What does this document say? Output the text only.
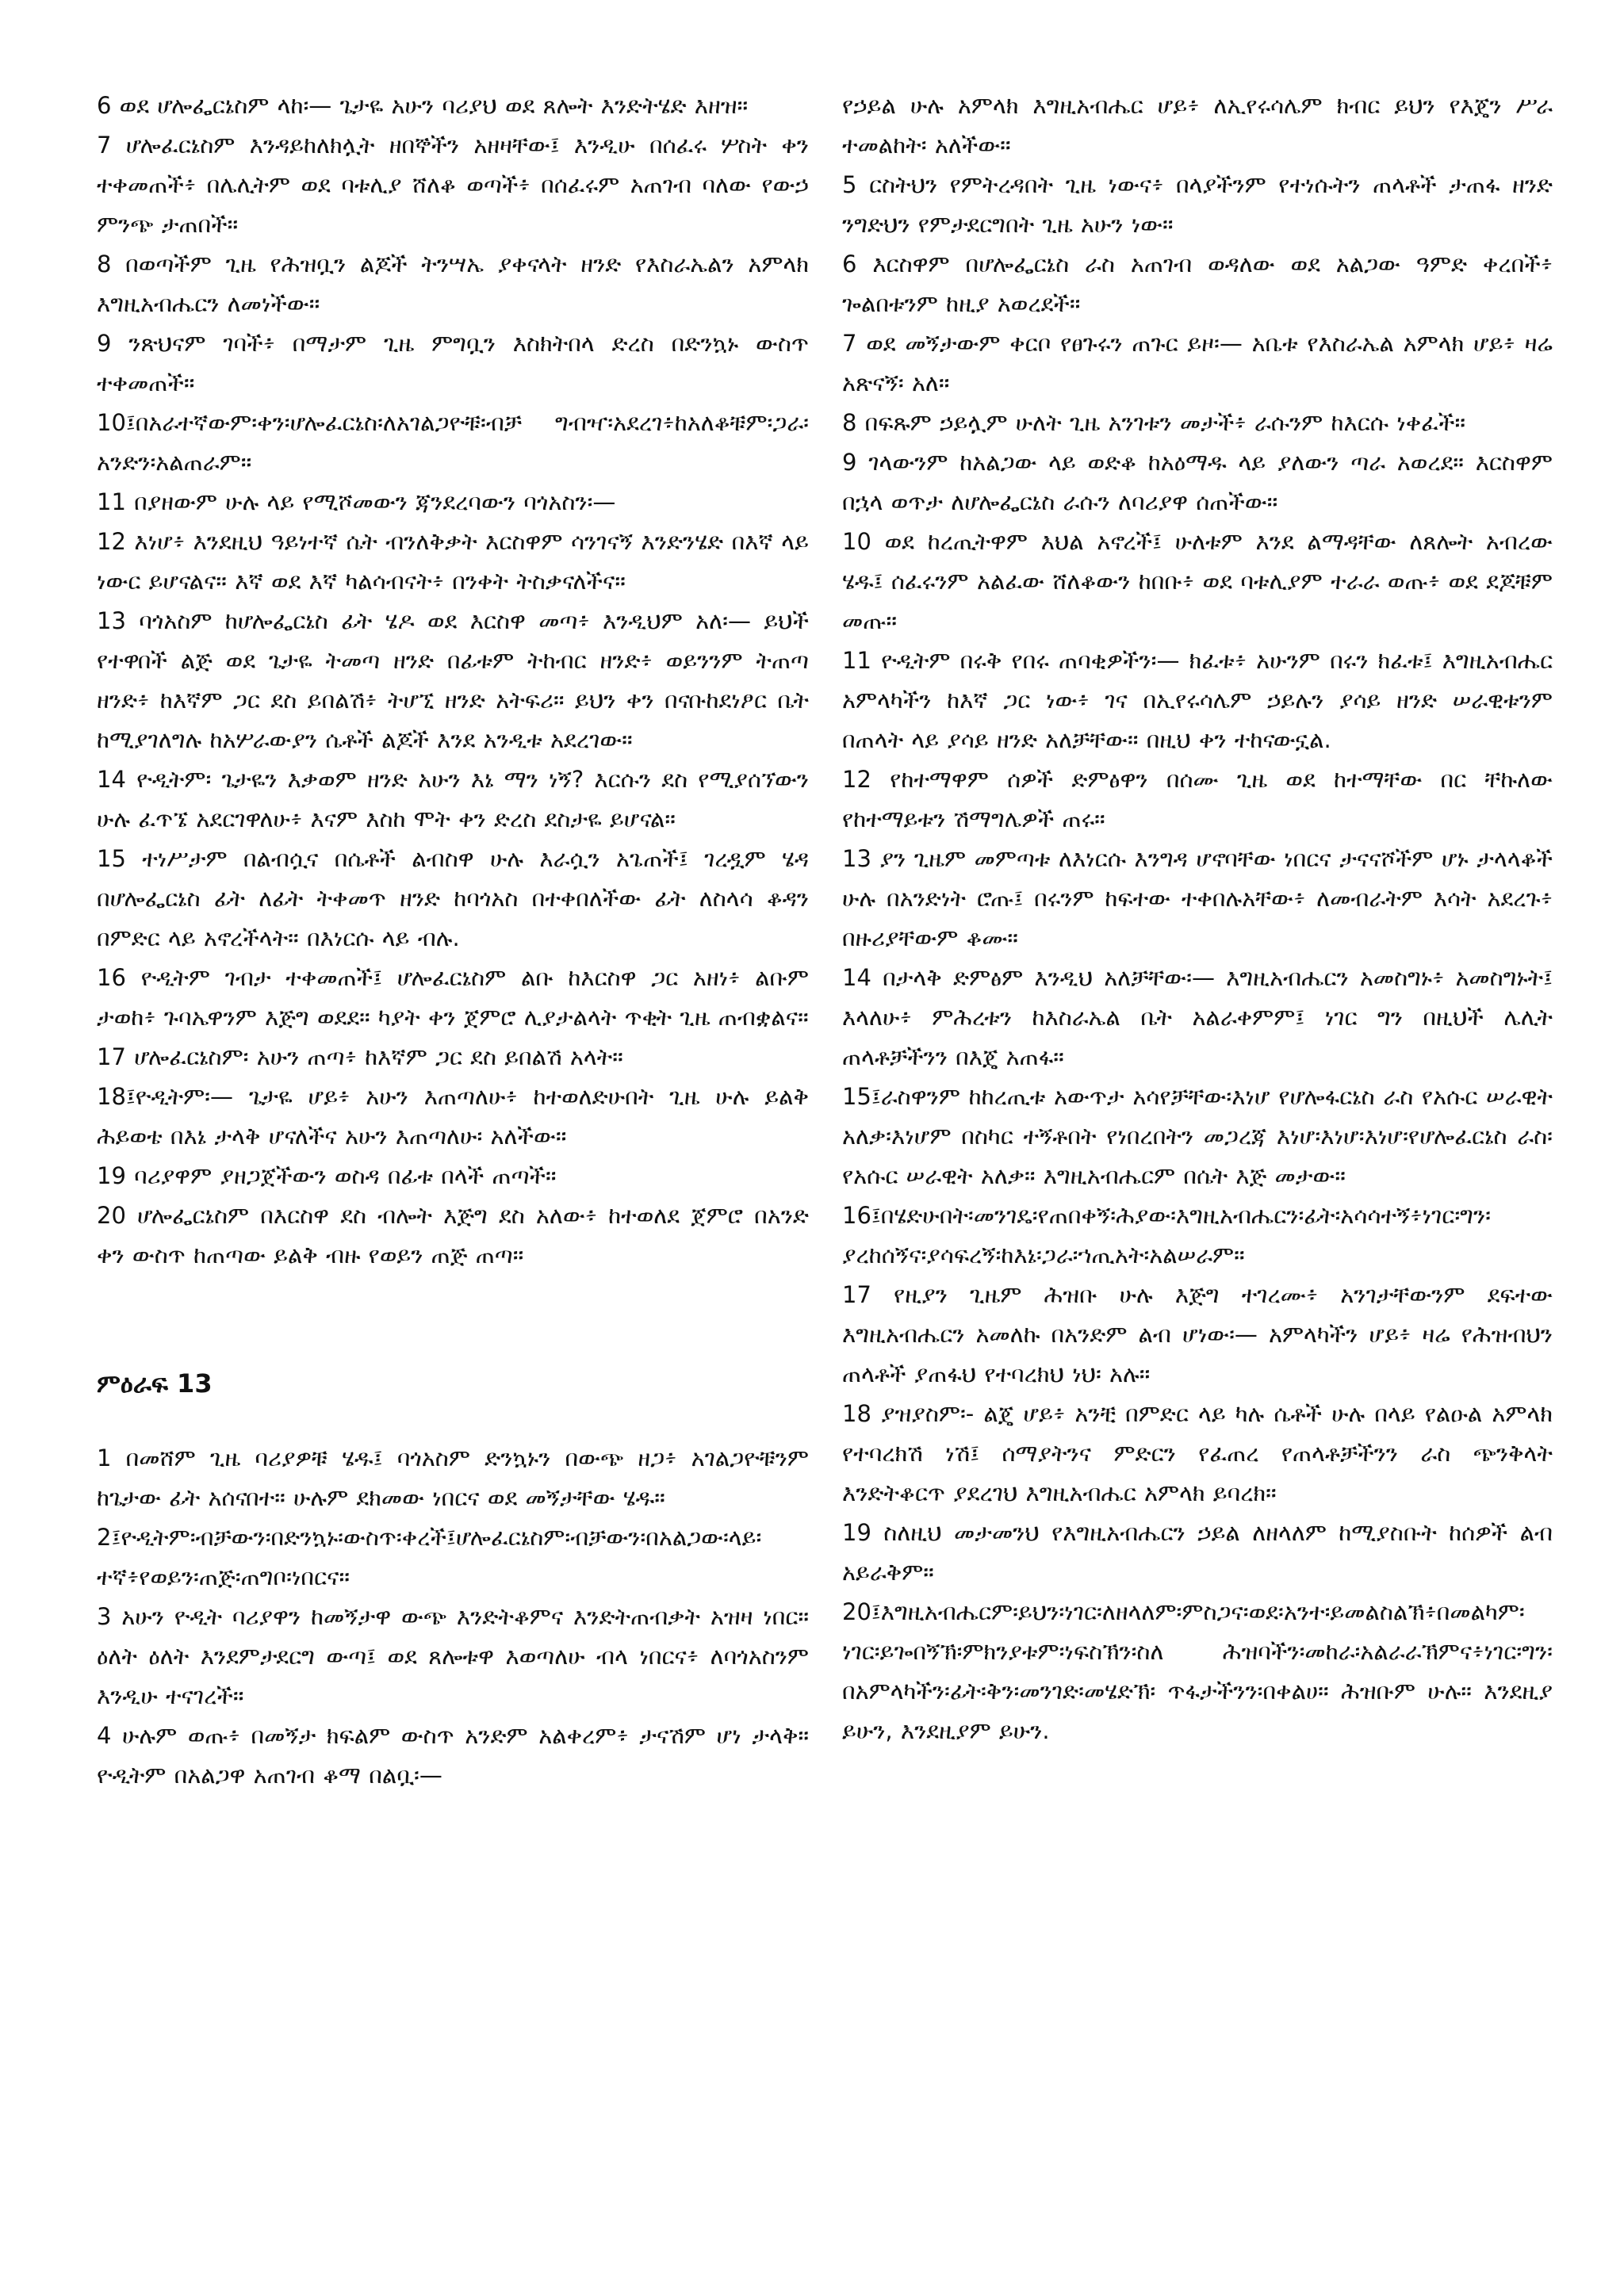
6 ወደ ሆሎፌርኔስም ላከ፡— ጌታዬ አሁን ባሪያህ ወደ ጸሎት እንድትሄድ እዘዝ።

7 ሆሎፈርኔስም እንዳይከለክሏት ዘበኞችን አዘዛቸው፤ እንዲሁ በሰፈሩ ሦስት ቀን ተቀመጠች፥ በሌሊትም ወደ ባቱሊያ ሸለቆ ወጣች፥ በሰፈሩም አጠገብ ባለው የውኃ ምንጭ ታጠበች።

8 በወጣችም ጊዜ የሕዝቧን ልጆች ትንሣኤ ያቀናላት ዘንድ የእስራኤልን አምላክ እግዚአብሔርን ለመነችው።

9 ንጽህናም ገባች፥ በማታም ጊዜ ምግቧን እስክትበላ ድረስ በድንኳኑ ውስጥ ተቀመጠች።

10፤በአራተኛውም፡ቀን፡ሆሎፈርኔስ፡ለአገልጋዮቹ፡ብቻ ግብዣ፡አደረገ፥ከአለቆቹም፡ጋራ፡አንድን፡አልጠራም።

11 በያዘውም ሁሉ ላይ የሚሾመውን ጃንደረባውን ባጎአስን፡—

12 እነሆ፥ እንደዚህ ዓይነተኛ ሴት ብንለቅቃት እርስዋም ሳንገናኝ እንድንሄድ በእኛ ላይ ነውር ይሆናልና። እኛ ወደ እኛ ካልሳብናት፥ በንቀት ትስቃናለችና።

13 ባጎአስም ከሆሎፌርኔስ ፊት ሄዶ ወደ እርስዋ መጣ፥ እንዲህም አለ፡— ይህች የተዋበች ልጅ ወደ ጌታዬ ትመጣ ዘንድ በፊቱም ትከብር ዘንድ፥ ወይንንም ትጠጣ ዘንድ፥ ከእኛም ጋር ደስ ይበልሽ፥ ትሆኚ ዘንድ አትፍሪ። ይህን ቀን በናቡከደነፆር ቤት ከሚያገለግሉ ከአሦራውያን ሴቶች ልጆች እንደ አንዲቱ አደረገው።

14 ዮዲትም፡ ጌታዬን እቃወም ዘንድ አሁን እኔ ማን ነኝ? እርሱን ደስ የሚያሰኘውን ሁሉ ፈጥኜ አደርገዋለሁ፥ እናም እስከ ሞት ቀን ድረስ ደስታዬ ይሆናል።

15 ተነሥታም በልብሷና በሴቶች ልብስዋ ሁሉ እራሷን አጌጠች፤ ገረዷም ሄዳ በሆሎፌርኔስ ፊት ለፊት ትቀመጥ ዘንድ ከባጎአስ በተቀበለችው ፊት ለስላሳ ቆዳን በምድር ላይ አኖረችላት። በእነርሱ ላይ ብሉ.

16 ዮዲትም ገብታ ተቀመጠች፤ ሆሎፈርኔስም ልቡ ከእርስዋ ጋር አዘነ፥ ልቡም ታወከ፥ ጉባኤዋንም እጅግ ወደደ። ካያት ቀን ጀምሮ ሊያታልላት ጥቂት ጊዜ ጠብቋልና።

17 ሆሎፈርኔስም፡ አሁን ጠጣ፥ ከእኛም ጋር ደስ ይበልሽ አላት።

18፤ዮዲትም፡— ጌታዬ ሆይ፥ አሁን እጠጣለሁ፥ ከተወለድሁበት ጊዜ ሁሉ ይልቅ ሕይወቴ በእኔ ታላቅ ሆናለችና አሁን እጠጣለሁ፡ አለችው።

19 ባሪያዋም ያዘጋጀችውን ወስዳ በፊቱ በላች ጠጣች።

20 ሆሎፌርኔስም በእርስዋ ደስ ብሎት እጅግ ደስ አለው፥ ከተወለደ ጀምሮ በአንድ ቀን ውስጥ ከጠጣው ይልቅ ብዙ የወይን ጠጅ ጠጣ።

ምዕራፍ 13

1 በመሸም ጊዜ ባሪያዎቹ ሄዱ፤ ባጎአስም ድንኳኑን በውጭ ዘጋ፥ አገልጋዮቹንም ከጌታው ፊት አሰናበተ። ሁሉም ደክመው ነበርና ወደ መኝታቸው ሄዱ።

2፤ዮዲትም፡ብቻውን፡በድንኳኑ፡ውስጥ፡ቀረች፤ሆሎፈርኔስም፡ብቻውን፡በአልጋው፡ላይ፡ተኛ፥የወይን፡ጠጅ፡ጠግቦ፡ነበርና።

3 አሁን ዮዲት ባሪያዋን ከመኝታዋ ውጭ እንድትቆምና እንድትጠብቃት አዝዛ ነበር። ዕለት ዕለት እንደምታደርግ ውጣ፤ ወደ ጸሎቱዋ እወጣለሁ ብላ ነበርና፥ ለባጎአስንም እንዲሁ ተናገረች።

4 ሁሉም ወጡ፥ በመኝታ ክፍልም ውስጥ አንድም አልቀረም፥ ታናሽም ሆነ ታላቅ። ዮዲትም በአልጋዋ አጠገብ ቆማ በልቧ፡—

የኃይል ሁሉ አምላክ እግዚአብሔር ሆይ፥ ለኢየሩሳሌም ክብር ይህን የእጄን ሥራ ተመልከት፡ አለችው።

5 ርስትህን የምትረዳበት ጊዜ ነውና፥ በላያችንም የተነሱትን ጠላቶች ታጠፋ ዘንድ ንግድህን የምታደርግበት ጊዜ አሁን ነው።

6 እርስዋም በሆሎፌርኔስ ራስ አጠገብ ወዳለው ወደ አልጋው ዓምድ ቀረበች፥ ጐልበቱንም ከዚያ አወረደች።

7 ወደ መኝታውም ቀርቦ የፀጉሩን ጠጉር ይዞ፡— አቤቱ የእስራኤል አምላክ ሆይ፥ ዛሬ አጽናኝ፡ አለ።

8 በፍጹም ኃይሏም ሁለት ጊዜ አንገቱን መታች፥ ራሱንም ከእርሱ ነቀፈች።

9 ገላውንም ከአልጋው ላይ ወድቆ ከአዕማዱ ላይ ያለውን ጣራ አወረደ። እርስዋም በኋላ ወጥታ ለሆሎፌርኔስ ራሱን ለባሪያዋ ሰጠችው።

10 ወደ ከረጢትዋም እህል አኖረች፤ ሁለቱም እንደ ልማዳቸው ለጸሎት አብረው ሄዱ፤ ሰፈሩንም አልፈው ሸለቆውን ከበቡ፥ ወደ ባቱሊያም ተራራ ወጡ፥ ወደ ደጆቹም መጡ።

11 ዮዲትም በሩቅ የበሩ ጠባቂዎችን፡— ክፈቱ፥ አሁንም በሩን ክፈቱ፤ እግዚአብሔር አምላካችን ከእኛ ጋር ነው፥ ገና በኢየሩሳሌም ኃይሉን ያሳይ ዘንድ ሠራዊቱንም በጠላት ላይ ያሳይ ዘንድ አለቻቸው። በዚህ ቀን ተከናውኗል.

12 የከተማዋም ሰዎች ድምፅዋን በሰሙ ጊዜ ወደ ከተማቸው በር ቸኩለው የከተማይቱን ሽማግሌዎች ጠሩ።

13 ያን ጊዜም መምጣቱ ለእነርሱ እንግዳ ሆኖባቸው ነበርና ታናናሾችም ሆኑ ታላላቆች ሁሉ በአንድነት ሮጡ፤ በሩንም ከፍተው ተቀበሉአቸው፥ ለመብራትም እሳት አደረጉ፥ በዙሪያቸውም ቆሙ።

14 በታላቅ ድምፅም እንዲህ አለቻቸው፡— እግዚአብሔርን አመስግኑ፥ አመስግኑት፤ እላለሁ፥ ምሕረቱን ከእስራኤል ቤት አልራቀምም፤ ነገር ግን በዚህች ሌሊት ጠላቶቻችንን በእጄ አጠፋ።

15፤ራስዋንም ከከረጢቱ አውጥታ አሳየቻቸው፡እነሆ የሆሎፋርኔስ ራስ የአሱር ሠራዊት አለቃ፡እነሆም በስካር ተኝቶበት የነበረበትን መጋረጃ እነሆ፡እነሆ፡እነሆ፡የሆሎፈርኔስ ራስ፡የአሱር ሠራዊት አለቃ። እግዚአብሔርም በሴት እጅ መታው።

16፤በሄድሁበት፡መንገዴ፡የጠበቀኝ፡ሕያው፡እግዚአብሔርን፡ፊት፡አሳሳተኝ፥ነገር፡ግን፡ያረከሰኝና፡ያሳፍረኝ፡ከእኔ፡ጋራ፡ኀጢአት፡አልሠራም።

17 የዚያን ጊዜም ሕዝቡ ሁሉ እጅግ ተገረሙ፥ አንገታቸውንም ደፍተው እግዚአብሔርን አመለኩ በአንድም ልብ ሆነው፡— አምላካችን ሆይ፥ ዛሬ የሕዝብህን ጠላቶች ያጠፋህ የተባረክህ ነህ፡ አሉ።

18 ያዝያስም፡- ልጄ ሆይ፥ አንቺ በምድር ላይ ካሉ ሴቶች ሁሉ በላይ የልዑል አምላክ የተባረክሽ ነሽ፤ ሰማያትንና ምድርን የፈጠረ የጠላቶቻችንን ራስ ጭንቅላት እንድትቆርጥ ያደረገህ እግዚአብሔር አምላክ ይባረክ።

19 ስለዚህ መታመንህ የእግዚአብሔርን ኃይል ለዘላለም ከሚያስቡት ከሰዎች ልብ አይራቅም።

20፤እግዚአብሔርም፡ይህን፡ነገር፡ለዘላለም፡ምስጋና፡ወደ፡አንተ፡ይመልስልኽ፥በመልካም፡ነገር፡ይጐበኝኽ፡ምክንያቱም፡ነፍስኽን፡ስለ ሕዝባችን፡መከራ፡አልራራኽምና፥ነገር፡ግን፡በአምላካችን፡ፊት፡ቅን፡መንገድ፡መሄድኽ፡ ጥፋታችንን፡በቀልሀ። ሕዝቡም ሁሉ። እንደዚያ ይሁን, እንደዚያም ይሁን.
